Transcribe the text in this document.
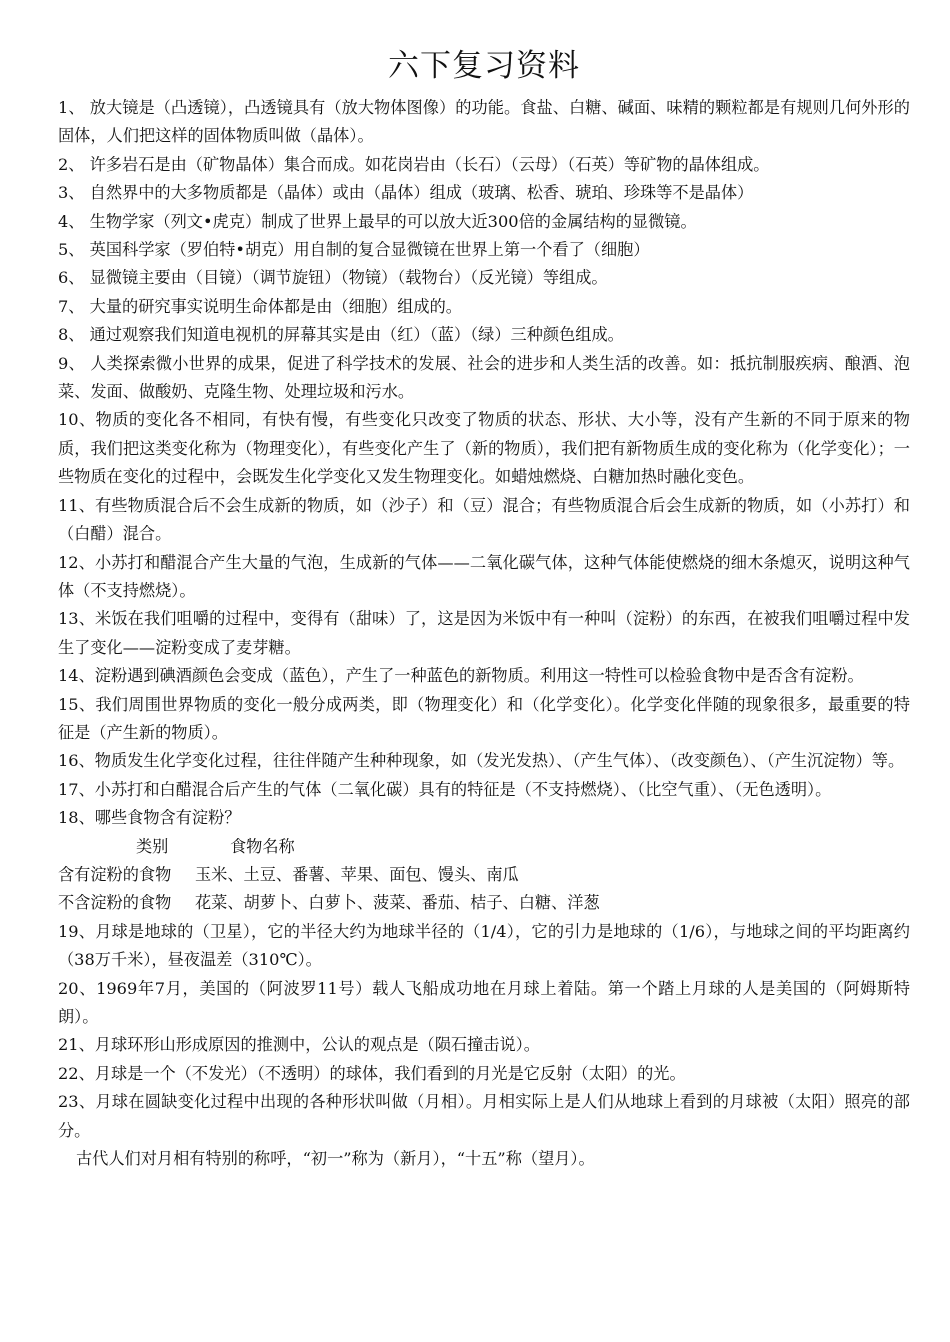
六下复习资料

1、 放大镜是（凸透镜），凸透镜具有（放大物体图像）的功能。食盐、白糖、碱面、味精的颗粒都是有规则几何外形的固体，人们把这样的固体物质叫做（晶体）。

2、 许多岩石是由（矿物晶体）集合而成。如花岗岩由（长石）（云母）（石英）等矿物的晶体组成。

3、 自然界中的大多物质都是（晶体）或由（晶体）组成（玻璃、松香、琥珀、珍珠等不是晶体）

4、 生物学家（列文•虎克）制成了世界上最早的可以放大近300倍的金属结构的显微镜。

5、 英国科学家（罗伯特•胡克）用自制的复合显微镜在世界上第一个看了（细胞）

6、 显微镜主要由（目镜）（调节旋钮）（物镜）（载物台）（反光镜）等组成。

7、 大量的研究事实说明生命体都是由（细胞）组成的。

8、 通过观察我们知道电视机的屏幕其实是由（红）（蓝）（绿）三种颜色组成。

9、 人类探索微小世界的成果，促进了科学技术的发展、社会的进步和人类生活的改善。如：抵抗制服疾病、酿酒、泡菜、发面、做酸奶、克隆生物、处理垃圾和污水。

10、物质的变化各不相同，有快有慢，有些变化只改变了物质的状态、形状、大小等，没有产生新的不同于原来的物质，我们把这类变化称为（物理变化），有些变化产生了（新的物质），我们把有新物质生成的变化称为（化学变化）；一些物质在变化的过程中，会既发生化学变化又发生物理变化。如蜡烛燃烧、白糖加热时融化变色。

11、有些物质混合后不会生成新的物质，如（沙子）和（豆）混合；有些物质混合后会生成新的物质，如（小苏打）和（白醋）混合。

12、小苏打和醋混合产生大量的气泡，生成新的气体——二氧化碳气体，这种气体能使燃烧的细木条熄灭，说明这种气体（不支持燃烧）。

13、米饭在我们咀嚼的过程中，变得有（甜味）了，这是因为米饭中有一种叫（淀粉）的东西，在被我们咀嚼过程中发生了变化——淀粉变成了麦芽糖。

14、淀粉遇到碘酒颜色会变成（蓝色），产生了一种蓝色的新物质。利用这一特性可以检验食物中是否含有淀粉。

15、我们周围世界物质的变化一般分成两类，即（物理变化）和（化学变化）。化学变化伴随的现象很多，最重要的特征是（产生新的物质）。

16、物质发生化学变化过程，往往伴随产生种种现象，如（发光发热）、（产生气体）、（改变颜色）、（产生沉淀物）等。

17、小苏打和白醋混合后产生的气体（二氧化碳）具有的特征是（不支持燃烧）、（比空气重）、（无色透明）。

18、哪些食物含有淀粉？

类别	食物名称

含有淀粉的食物 玉米、土豆、番薯、苹果、面包、馒头、南瓜

不含淀粉的食物 花菜、胡萝卜、白萝卜、菠菜、番茄、桔子、白糖、洋葱

19、月球是地球的（卫星），它的半径大约为地球半径的（1/4），它的引力是地球的（1/6），与地球之间的平均距离约（38万千米），昼夜温差（310℃）。

20、1969年7月，美国的（阿波罗11号）载人飞船成功地在月球上着陆。第一个踏上月球的人是美国的（阿姆斯特朗）。

21、月球环形山形成原因的推测中，公认的观点是（陨石撞击说）。

22、月球是一个（不发光）（不透明）的球体，我们看到的月光是它反射（太阳）的光。

23、月球在圆缺变化过程中出现的各种形状叫做（月相）。月相实际上是人们从地球上看到的月球被（太阳）照亮的部分。

古代人们对月相有特别的称呼，“初一”称为（新月），“十五”称（望月）。
